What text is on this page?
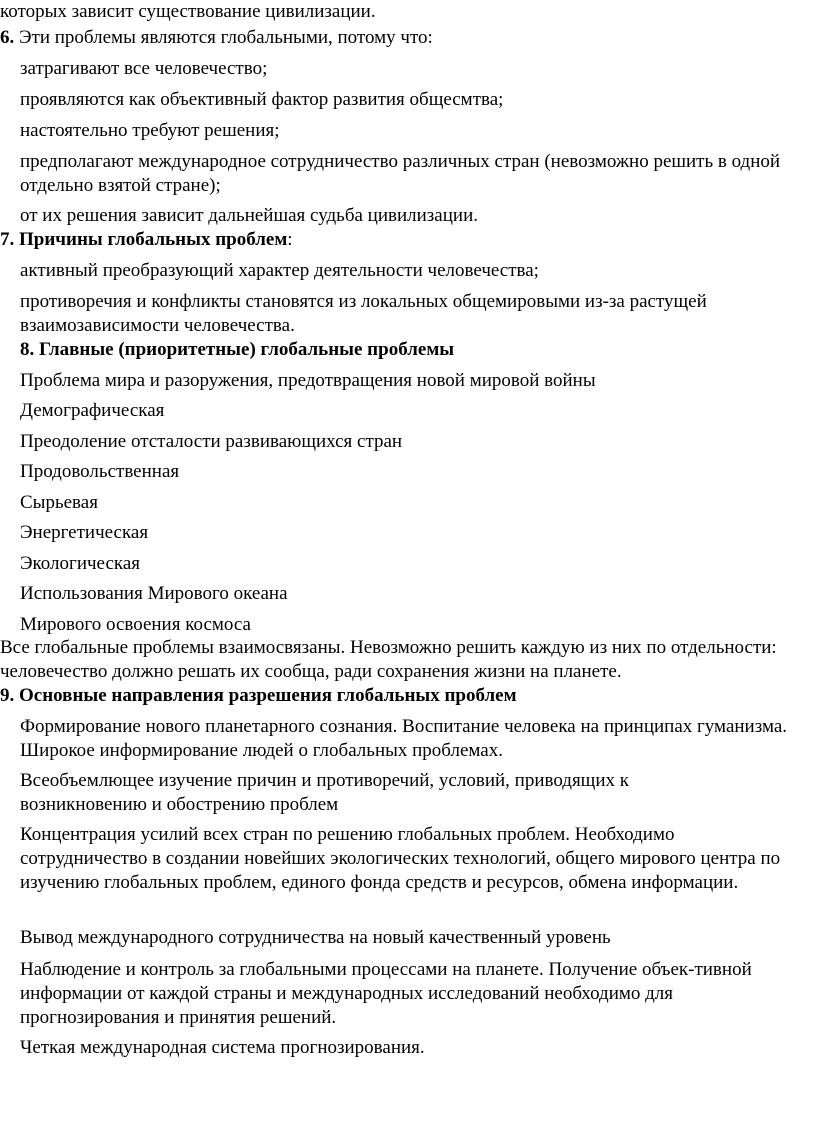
которых зависит существование цивилизации.
6. Эти проблемы являются глобальными, потому что:
затрагивают все человечество;
проявляются как объективный фактор развития общесмтва;
настоятельно требуют решения;
предполагают международное сотрудничество различных стран (невозможно решить в одной отдельно взятой стране);
от их решения зависит дальнейшая судьба цивилизации.
7. Причины глобальных проблем:
активный преобразующий характер деятельности человечества;
противоречия и конфликты становятся из локальных общемировыми из-за растущей взаимозависимости человечества.
8. Главные (приоритетные) глобальные проблемы
Проблема мира и разоружения, предотвращения новой мировой войны
Демографическая
Преодоление отсталости развивающихся стран
Продовольственная
Сырьевая
Энергетическая
Экологическая
Использования Мирового океана
Мирового освоения космоса
Все глобальные проблемы взаимосвязаны. Невозможно решить каждую из них по отдельности: человечество должно решать их сообща, ради сохранения жизни на планете.
9. Основные направления разрешения глобальных проблем
Формирование нового планетарного сознания. Воспитание человека на принципах гуманизма. Широкое информирование людей о глобальных проблемах.
Всеобъемлющее изучение причин и противоречий, условий, приводящих к возникновению и обострению проблем
Концентрация усилий всех стран по решению глобальных проблем. Необходимо сотрудничество в создании новейших экологических технологий, общего мирового центра по изучению глобальных проблем, единого фонда средств и ресурсов, обмена информации.
Вывод международного сотрудничества на новый качественный уровень
Наблюдение и контроль за глобальными процессами на планете. Получение объек-тивной информации от каждой страны и международных исследований необходимо для прогнозирования и принятия решений.
Четкая международная система прогнозирования.
